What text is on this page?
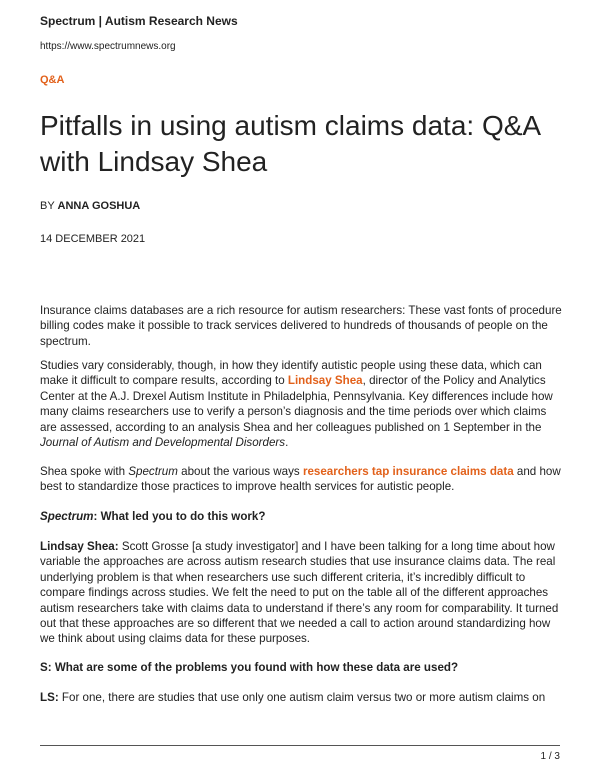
Spectrum | Autism Research News
https://www.spectrumnews.org
Q&A
Pitfalls in using autism claims data: Q&A with Lindsay Shea
BY ANNA GOSHUA
14 DECEMBER 2021

Insurance claims databases are a rich resource for autism researchers: These vast fonts of procedure billing codes make it possible to track services delivered to hundreds of thousands of people on the spectrum.

Studies vary considerably, though, in how they identify autistic people using these data, which can make it difficult to compare results, according to Lindsay Shea, director of the Policy and Analytics Center at the A.J. Drexel Autism Institute in Philadelphia, Pennsylvania. Key differences include how many claims researchers use to verify a person’s diagnosis and the time periods over which claims are assessed, according to an analysis Shea and her colleagues published on 1 September in the Journal of Autism and Developmental Disorders.

Shea spoke with Spectrum about the various ways researchers tap insurance claims data and how best to standardize those practices to improve health services for autistic people.

Spectrum: What led you to do this work?

Lindsay Shea: Scott Grosse [a study investigator] and I have been talking for a long time about how variable the approaches are across autism research studies that use insurance claims data. The real underlying problem is that when researchers use such different criteria, it’s incredibly difficult to compare findings across studies. We felt the need to put on the table all of the different approaches autism researchers take with claims data to understand if there’s any room for comparability. It turned out that these approaches are so different that we needed a call to action around standardizing how we think about using claims data for these purposes.

S: What are some of the problems you found with how these data are used?

LS: For one, there are studies that use only one autism claim versus two or more autism claims on

1 / 3
